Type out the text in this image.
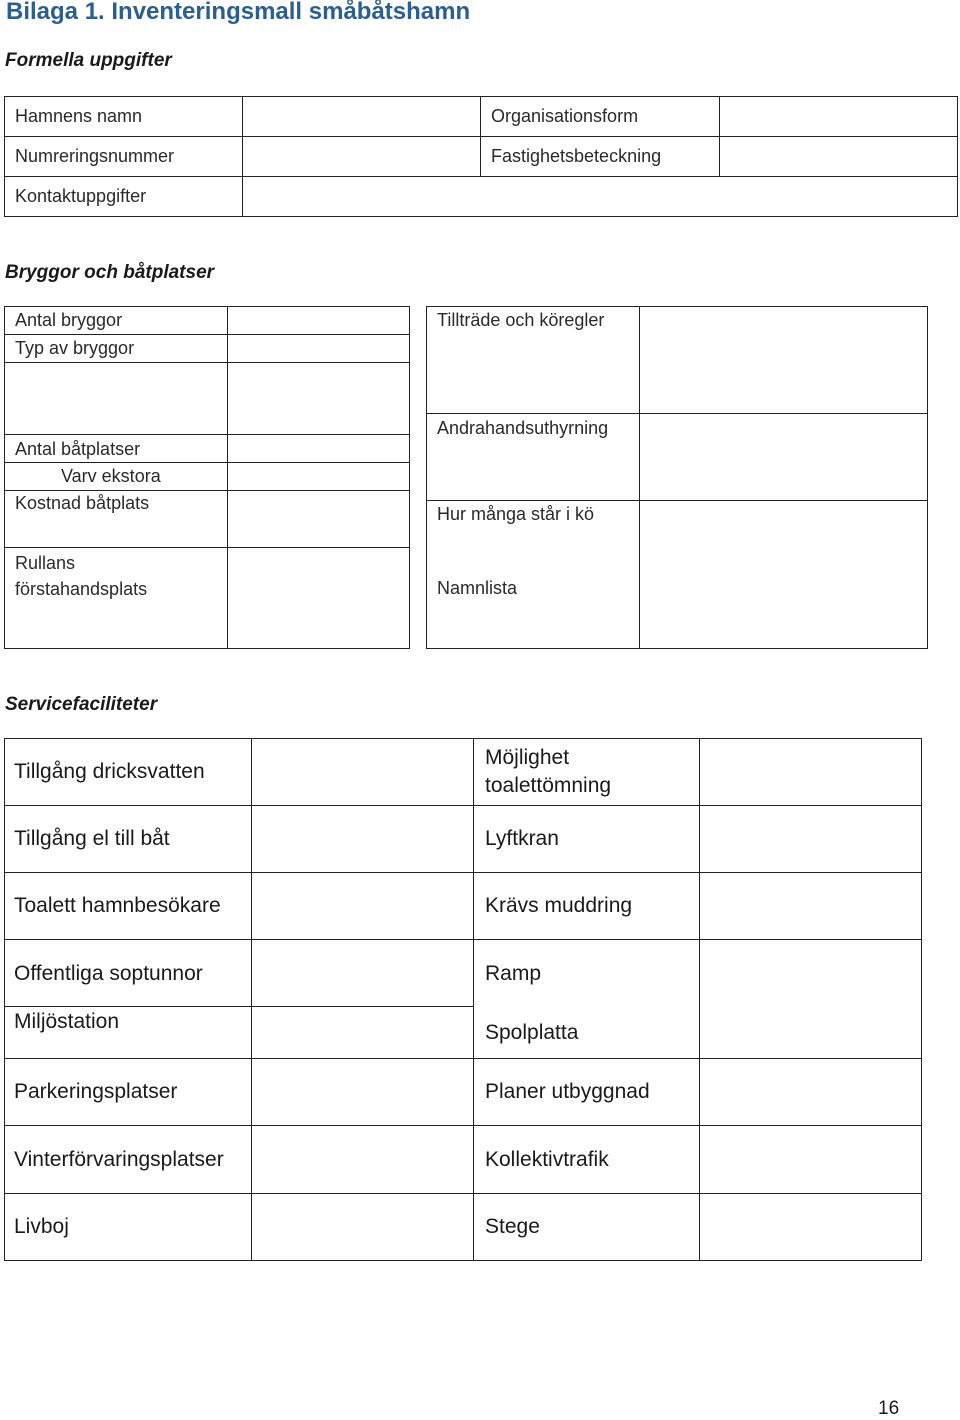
Bilaga 1. Inventeringsmall småbåtshamn
Formella uppgifter
Bryggor och båtplatser
Servicefaciliteter
Hamnens namn	Organisationsform
Numreringsnummer	Fastighetsbeteckning
Kontaktuppgifter
Antal bryggor
Typ av bryggor
Antal båtplatser
Varv ekstora
Kostnad båtplats
Rullans
förstahandsplats
Tillträde och köregler
Andrahandsuthyrning
Hur många står i kö
Namnlista
Tillgång dricksvatten
Tillgång el till båt
Toalett hamnbesökare
Offentliga soptunnor
Miljöstation
Parkeringsplatser
Vinterförvaringsplatser
Livboj
Möjlighet
toalettömning
Lyftkran
Krävs muddring
Ramp
Spolplatta
Planer utbyggnad
Kollektivtrafik
Stege
16
